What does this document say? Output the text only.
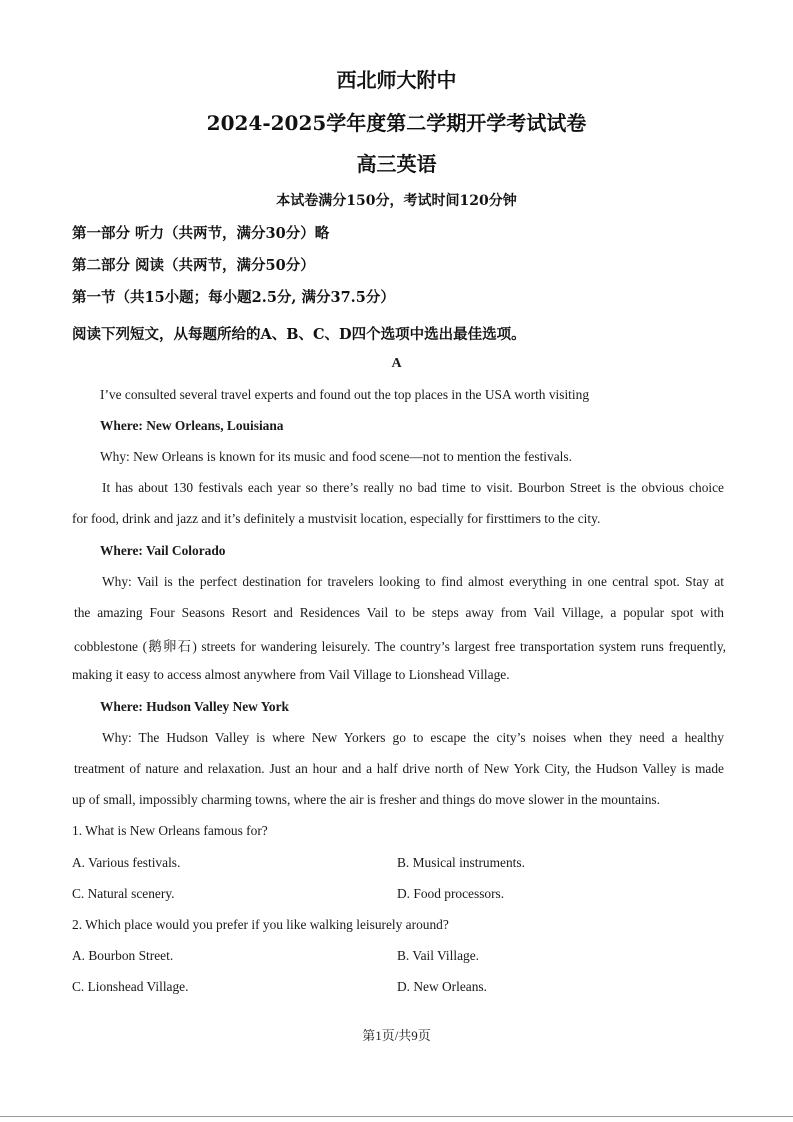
西北师大附中
2024-2025学年度第二学期开学考试试卷
高三英语
本试卷满分150分，考试时间120分钟
第一部分 听力（共两节，满分30分）略
第二部分 阅读（共两节，满分50分）
第一节（共15小题；每小题2.5分, 满分37.5分）
阅读下列短文，从每题所给的A、B、C、D四个选项中选出最佳选项。
A
I’ve consulted several travel experts and found out the top places in the USA worth visiting
Where: New Orleans, Louisiana
Why: New Orleans is known for its music and food scene—not to mention the festivals.
It has about 130 festivals each year so there’s really no bad time to visit. Bourbon Street is the obvious choice
for food, drink and jazz and it’s definitely a mustvisit location, especially for firsttimers to the city.
Where: Vail Colorado
Why: Vail is the perfect destination for travelers looking to find almost everything in one central spot. Stay at
the amazing Four Seasons Resort and Residences Vail to be steps away from Vail Village, a popular spot with
cobblestone (鹅卵石) streets for wandering leisurely. The country’s largest free transportation system runs frequently,
making it easy to access almost anywhere from Vail Village to Lionshead Village.
Where: Hudson Valley New York
Why: The Hudson Valley is where New Yorkers go to escape the city’s noises when they need a healthy
treatment of nature and relaxation. Just an hour and a half drive north of New York City, the Hudson Valley is made
up of small, impossibly charming towns, where the air is fresher and things do move slower in the mountains.
1. What is New Orleans famous for?
A. Various festivals.	B. Musical instruments.
C. Natural scenery.	D. Food processors.
2. Which place would you prefer if you like walking leisurely around?
A. Bourbon Street.	B. Vail Village.
C. Lionshead Village.	D. New Orleans.
第1页/共9页
